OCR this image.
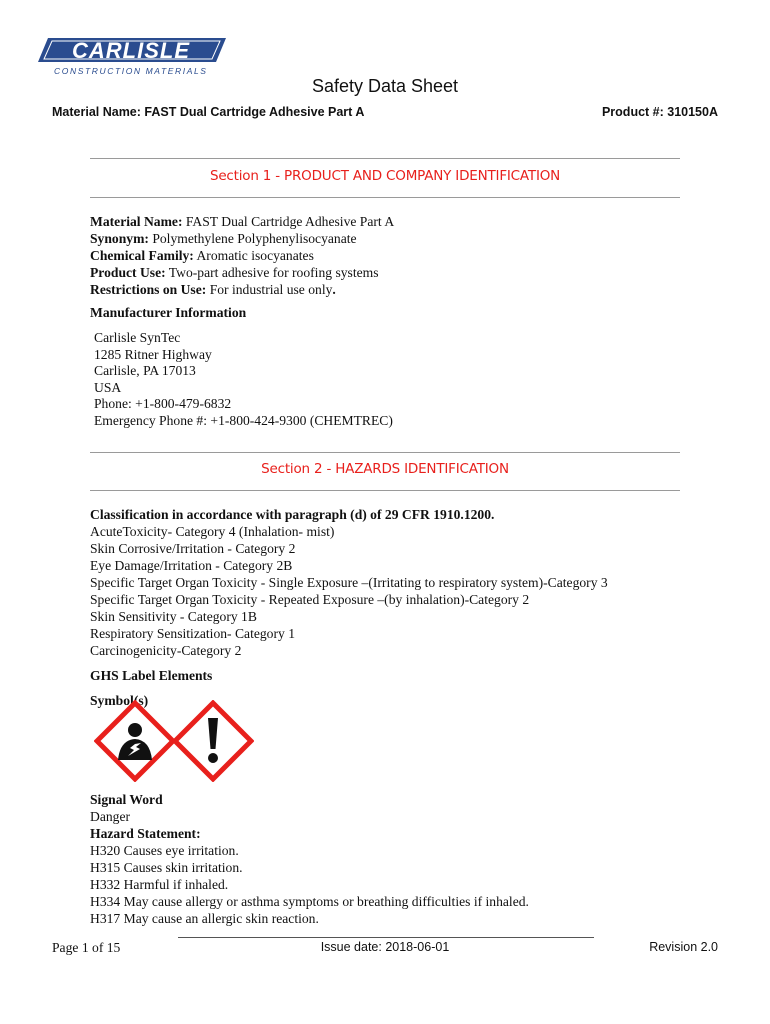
CARLISLE
CONSTRUCTION MATERIALS
Safety Data Sheet
Material Name: FAST Dual Cartridge Adhesive Part A	Product #: 310150A
Section 1 - PRODUCT AND COMPANY IDENTIFICATION
Material Name: FAST Dual Cartridge Adhesive Part A
Synonym: Polymethylene Polyphenylisocyanate
Chemical Family: Aromatic isocyanates
Product Use: Two-part adhesive for roofing systems
Restrictions on Use: For industrial use only.
Manufacturer Information
Carlisle SynTec
1285 Ritner Highway
Carlisle, PA 17013
USA
Phone: +1-800-479-6832
Emergency Phone #: +1-800-424-9300 (CHEMTREC)
Section 2 - HAZARDS IDENTIFICATION
Classification in accordance with paragraph (d) of 29 CFR 1910.1200.
AcuteToxicity- Category 4 (Inhalation- mist)
Skin Corrosive/Irritation - Category 2
Eye Damage/Irritation - Category 2B
Specific Target Organ Toxicity - Single Exposure –(Irritating to respiratory system)-Category 3
Specific Target Organ Toxicity - Repeated Exposure –(by inhalation)-Category 2
Skin Sensitivity - Category 1B
Respiratory Sensitization- Category 1
Carcinogenicity-Category 2
GHS Label Elements
Symbol(s)
Signal Word
Danger
Hazard Statement:
H320 Causes eye irritation.
H315 Causes skin irritation.
H332 Harmful if inhaled.
H334 May cause allergy or asthma symptoms or breathing difficulties if inhaled.
H317 May cause an allergic skin reaction.
Page 1 of 15	Issue date: 2018-06-01	Revision 2.0
